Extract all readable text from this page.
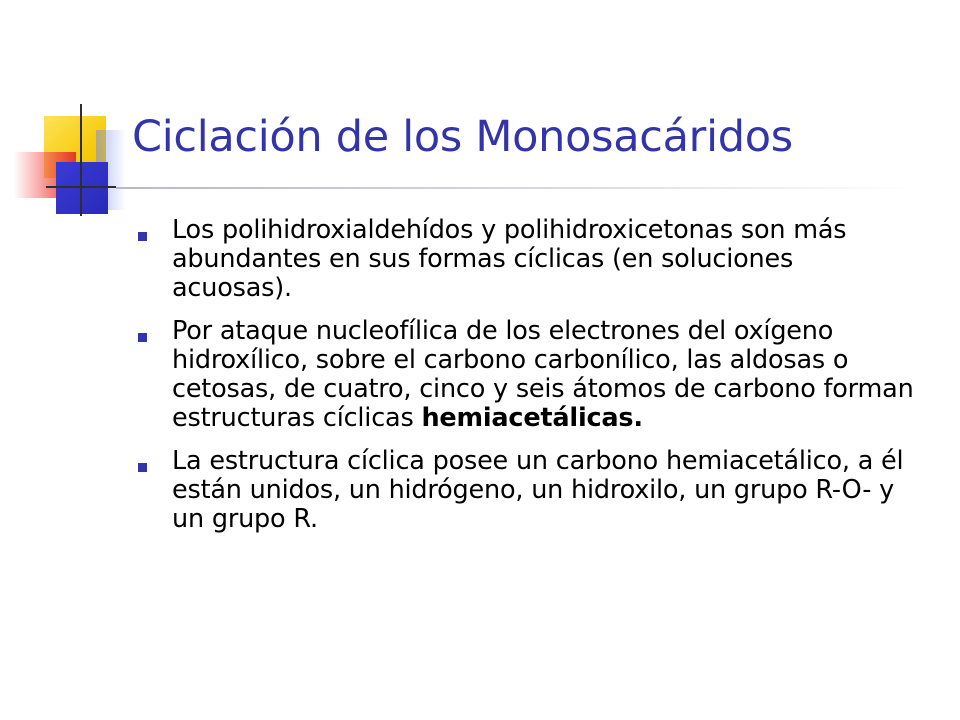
Ciclación de los Monosacáridos
Los polihidroxialdehídos y polihidroxicetonas son más abundantes en sus formas cíclicas (en soluciones acuosas).
Por ataque nucleofílica de los electrones del oxígeno hidroxílico, sobre el carbono carbonílico, las aldosas o cetosas, de cuatro, cinco y seis átomos de carbono forman estructuras cíclicas hemiacetálicas.
La estructura cíclica posee un carbono hemiacetálico, a él están unidos, un hidrógeno, un hidroxilo, un grupo R-O- y un grupo R.
